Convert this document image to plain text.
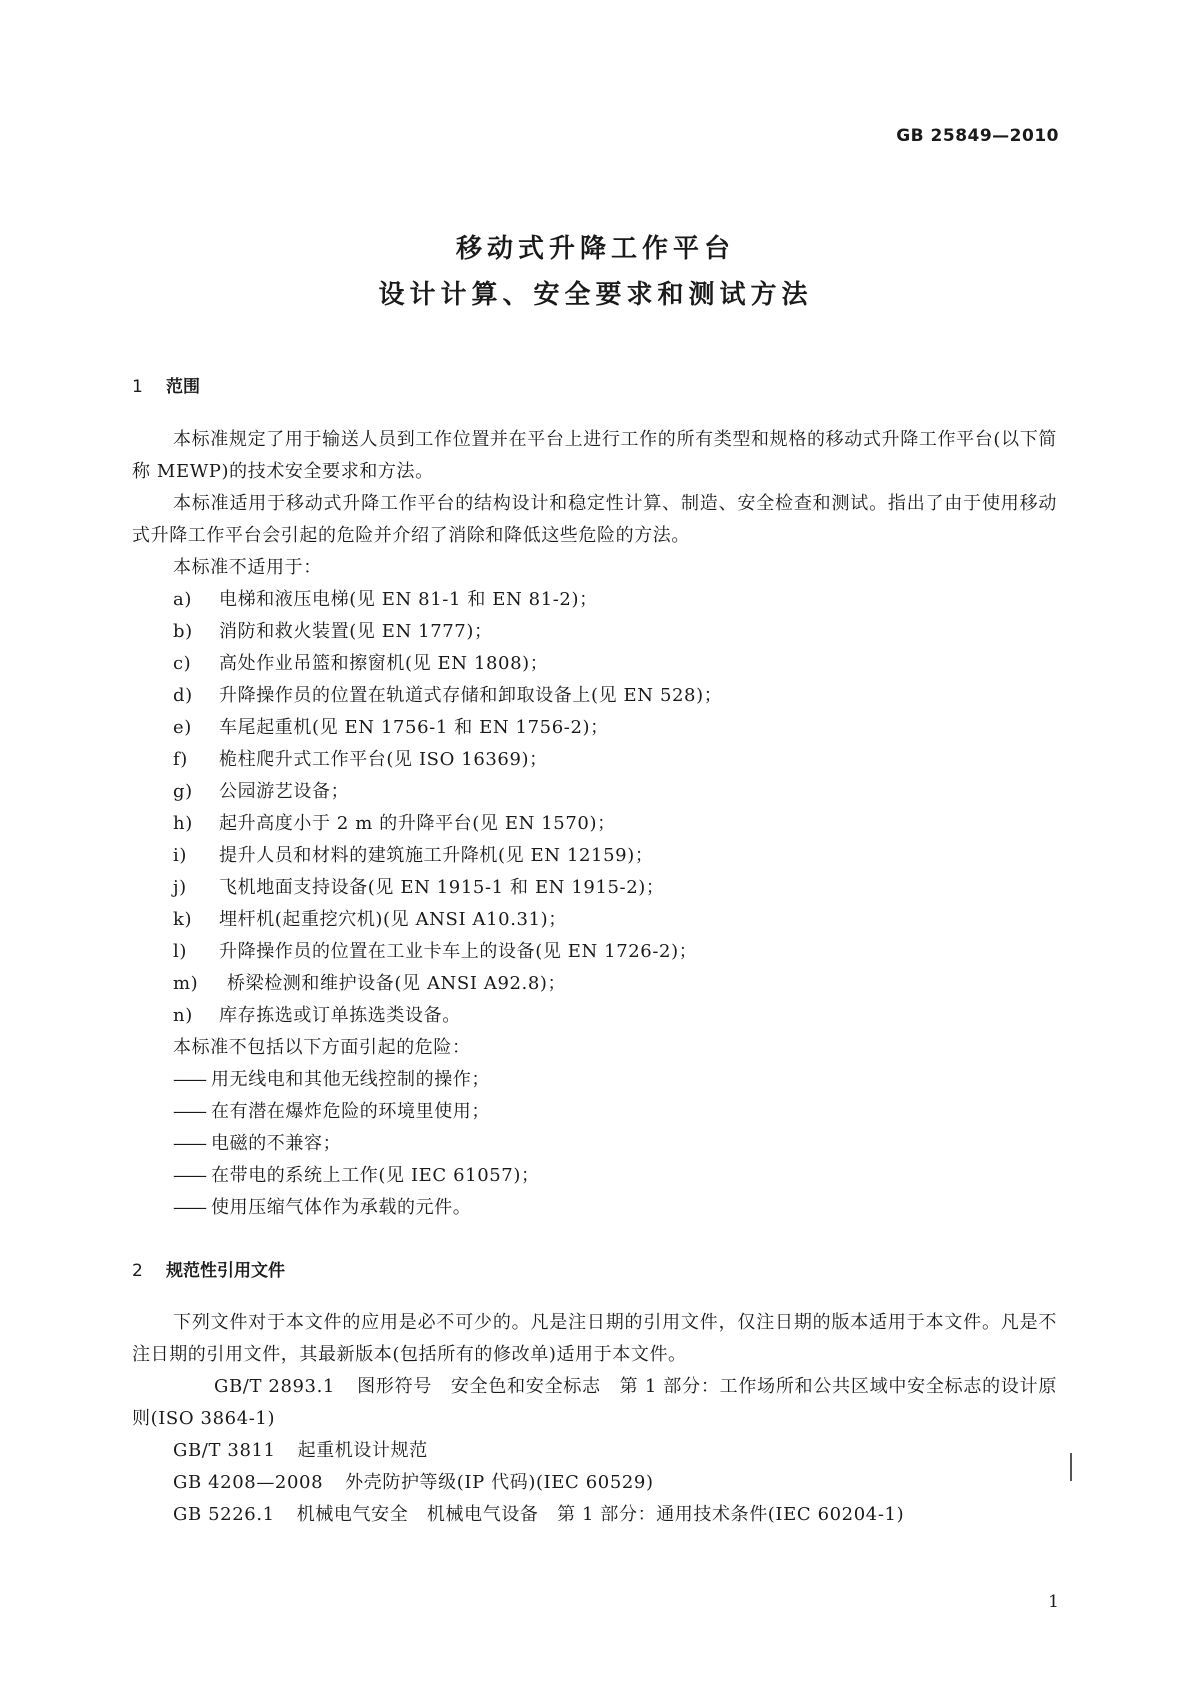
GB 25849—2010
移动式升降工作平台
设计计算、安全要求和测试方法
1 范围
本标准规定了用于输送人员到工作位置并在平台上进行工作的所有类型和规格的移动式升降工作平台(以下简称 MEWP)的技术安全要求和方法。
本标准适用于移动式升降工作平台的结构设计和稳定性计算、制造、安全检查和测试。指出了由于使用移动式升降工作平台会引起的危险并介绍了消除和降低这些危险的方法。
本标准不适用于：
a) 电梯和液压电梯(见 EN 81-1 和 EN 81-2)；
b) 消防和救火装置(见 EN 1777)；
c) 高处作业吊篮和擦窗机(见 EN 1808)；
d) 升降操作员的位置在轨道式存储和卸取设备上(见 EN 528)；
e) 车尾起重机(见 EN 1756-1 和 EN 1756-2)；
f) 桅柱爬升式工作平台(见 ISO 16369)；
g) 公园游艺设备；
h) 起升高度小于 2 m 的升降平台(见 EN 1570)；
i) 提升人员和材料的建筑施工升降机(见 EN 12159)；
j) 飞机地面支持设备(见 EN 1915-1 和 EN 1915-2)；
k) 埋杆机(起重挖穴机)(见 ANSI A10.31)；
l) 升降操作员的位置在工业卡车上的设备(见 EN 1726-2)；
m) 桥梁检测和维护设备(见 ANSI A92.8)；
n) 库存拣选或订单拣选类设备。
本标准不包括以下方面引起的危险：
—— 用无线电和其他无线控制的操作；
—— 在有潜在爆炸危险的环境里使用；
—— 电磁的不兼容；
—— 在带电的系统上工作(见 IEC 61057)；
—— 使用压缩气体作为承载的元件。
2 规范性引用文件
下列文件对于本文件的应用是必不可少的。凡是注日期的引用文件，仅注日期的版本适用于本文件。凡是不注日期的引用文件，其最新版本(包括所有的修改单)适用于本文件。
GB/T 2893.1 图形符号　安全色和安全标志　第 1 部分：工作场所和公共区域中安全标志的设计原则(ISO 3864-1)
GB/T 3811 起重机设计规范
GB 4208—2008 外壳防护等级(IP 代码)(IEC 60529)
GB 5226.1 机械电气安全　机械电气设备　第 1 部分：通用技术条件(IEC 60204-1)
1
